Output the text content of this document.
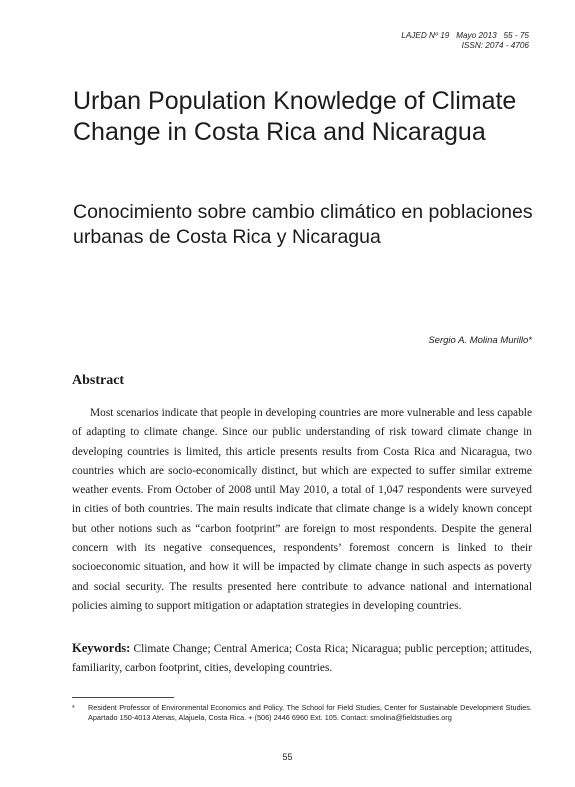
LAJED Nº 19   Mayo 2013   55 - 75
ISSN: 2074 - 4706
Urban Population Knowledge of Climate Change in Costa Rica and Nicaragua
Conocimiento sobre cambio climático en poblaciones urbanas de Costa Rica y Nicaragua
Sergio A. Molina Murillo*
Abstract

Most scenarios indicate that people in developing countries are more vulnerable and less capable of adapting to climate change. Since our public understanding of risk toward climate change in developing countries is limited, this article presents results from Costa Rica and Nicaragua, two countries which are socio-economically distinct, but which are expected to suffer similar extreme weather events. From October of 2008 until May 2010, a total of 1,047 respondents were surveyed in cities of both countries. The main results indicate that climate change is a widely known concept but other notions such as “carbon footprint” are foreign to most respondents. Despite the general concern with its negative consequences, respondents’ foremost concern is linked to their socioeconomic situation, and how it will be impacted by climate change in such aspects as poverty and social security. The results presented here contribute to advance national and international policies aiming to support mitigation or adaptation strategies in developing countries.

Keywords: Climate Change; Central America; Costa Rica; Nicaragua; public perception; attitudes, familiarity, carbon footprint, cities, developing countries.

* Resident Professor of Environmental Economics and Policy. The School for Field Studies, Center for Sustainable Development Studies. Apartado 150-4013 Atenas, Alajuela, Costa Rica. + (506) 2446 6960 Ext. 105. Contact: smolina@fieldstudies.org
55
